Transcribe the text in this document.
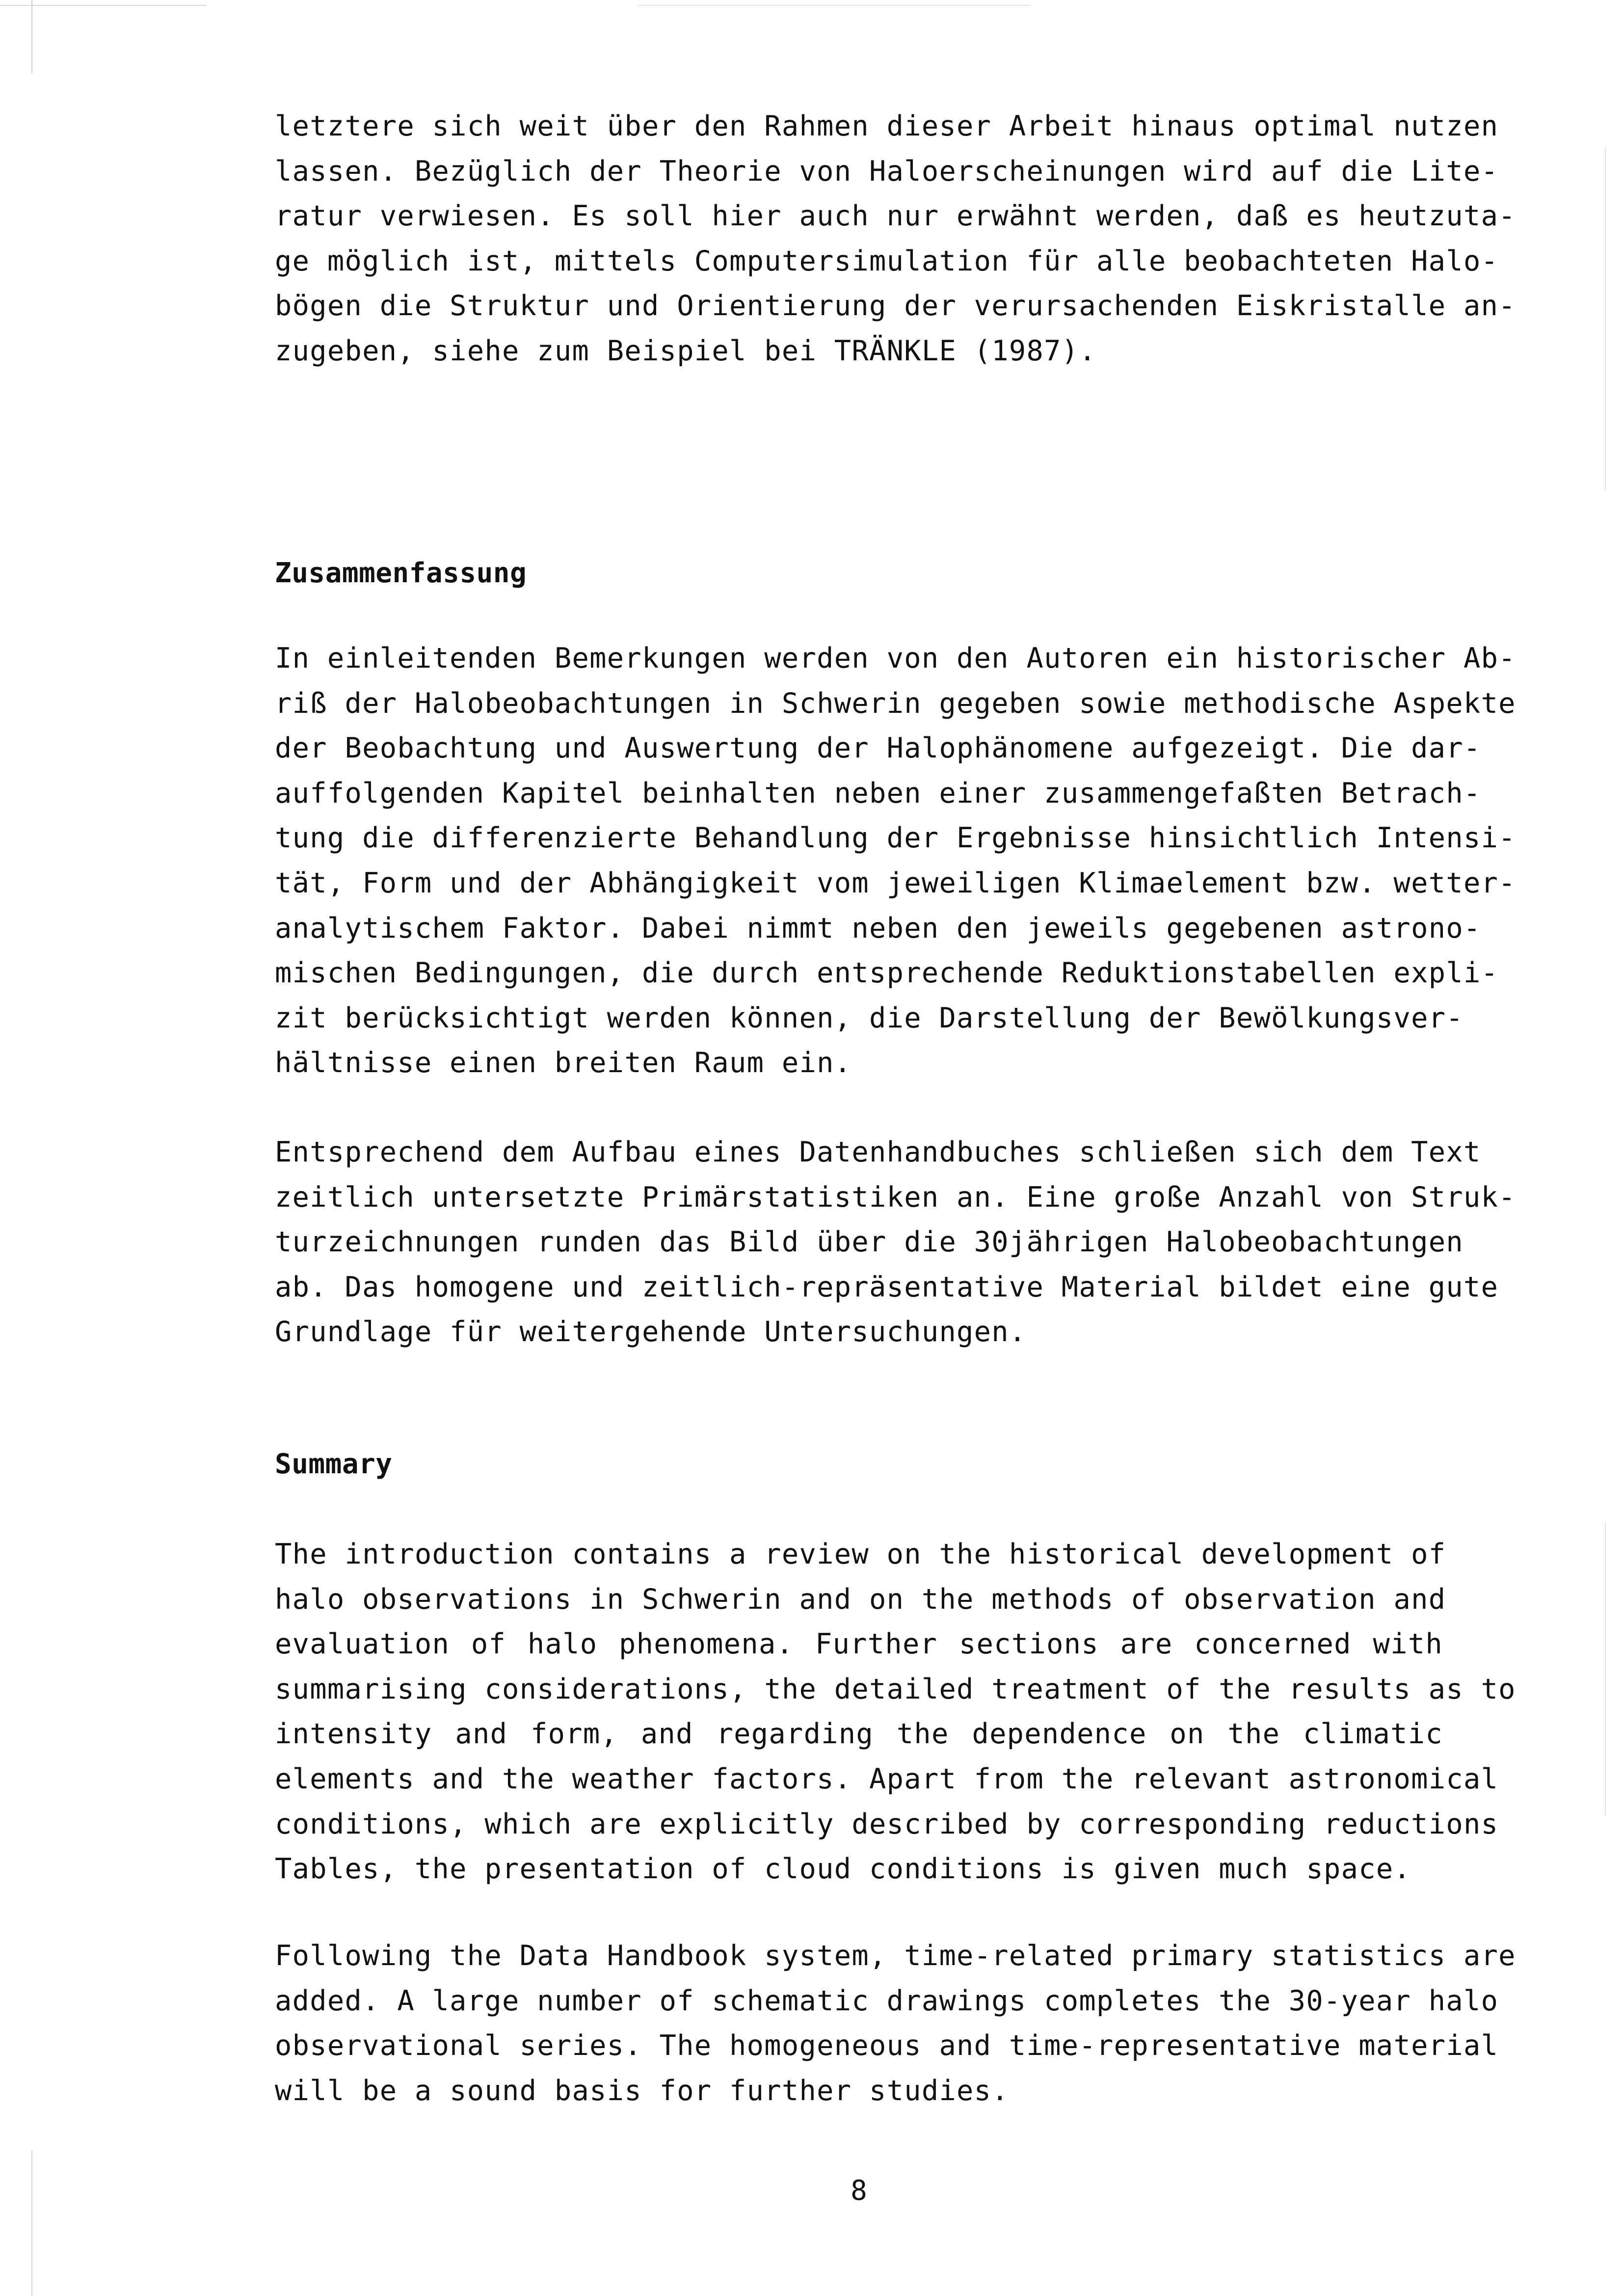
letztere sich weit über den Rahmen dieser Arbeit hinaus optimal nutzen
lassen. Bezüglich der Theorie von Haloerscheinungen wird auf die Lite-
ratur verwiesen. Es soll hier auch nur erwähnt werden, daß es heutzuta-
ge möglich ist, mittels Computersimulation für alle beobachteten Halo-
bögen die Struktur und Orientierung der verursachenden Eiskristalle an-
zugeben, siehe zum Beispiel bei TRÄNKLE (1987).
Zusammenfassung
In einleitenden Bemerkungen werden von den Autoren ein historischer Ab-
riß der Halobeobachtungen in Schwerin gegeben sowie methodische Aspekte
der Beobachtung und Auswertung der Halophänomene aufgezeigt. Die dar-
auffolgenden Kapitel beinhalten neben einer zusammengefaßten Betrach-
tung die differenzierte Behandlung der Ergebnisse hinsichtlich Intensi-
tät, Form und der Abhängigkeit vom jeweiligen Klimaelement bzw. wetter-
analytischem Faktor. Dabei nimmt neben den jeweils gegebenen astrono-
mischen Bedingungen, die durch entsprechende Reduktionstabellen expli-
zit berücksichtigt werden können, die Darstellung der Bewölkungsver-
hältnisse einen breiten Raum ein.
Entsprechend dem Aufbau eines Datenhandbuches schließen sich dem Text
zeitlich untersetzte Primärstatistiken an. Eine große Anzahl von Struk-
turzeichnungen runden das Bild über die 30jährigen Halobeobachtungen
ab. Das homogene und zeitlich-repräsentative Material bildet eine gute
Grundlage für weitergehende Untersuchungen.
Summary
The introduction contains a review on the historical development of
halo observations in Schwerin and on the methods of observation and
evaluation of halo phenomena. Further sections are concerned with
summarising considerations, the detailed treatment of the results as to
intensity and form, and regarding the dependence on the climatic
elements and the weather factors. Apart from the relevant astronomical
conditions, which are explicitly described by corresponding reductions
Tables, the presentation of cloud conditions is given much space.
Following the Data Handbook system, time-related primary statistics are
added. A large number of schematic drawings completes the 30-year halo
observational series. The homogeneous and time-representative material
will be a sound basis for further studies.
8
